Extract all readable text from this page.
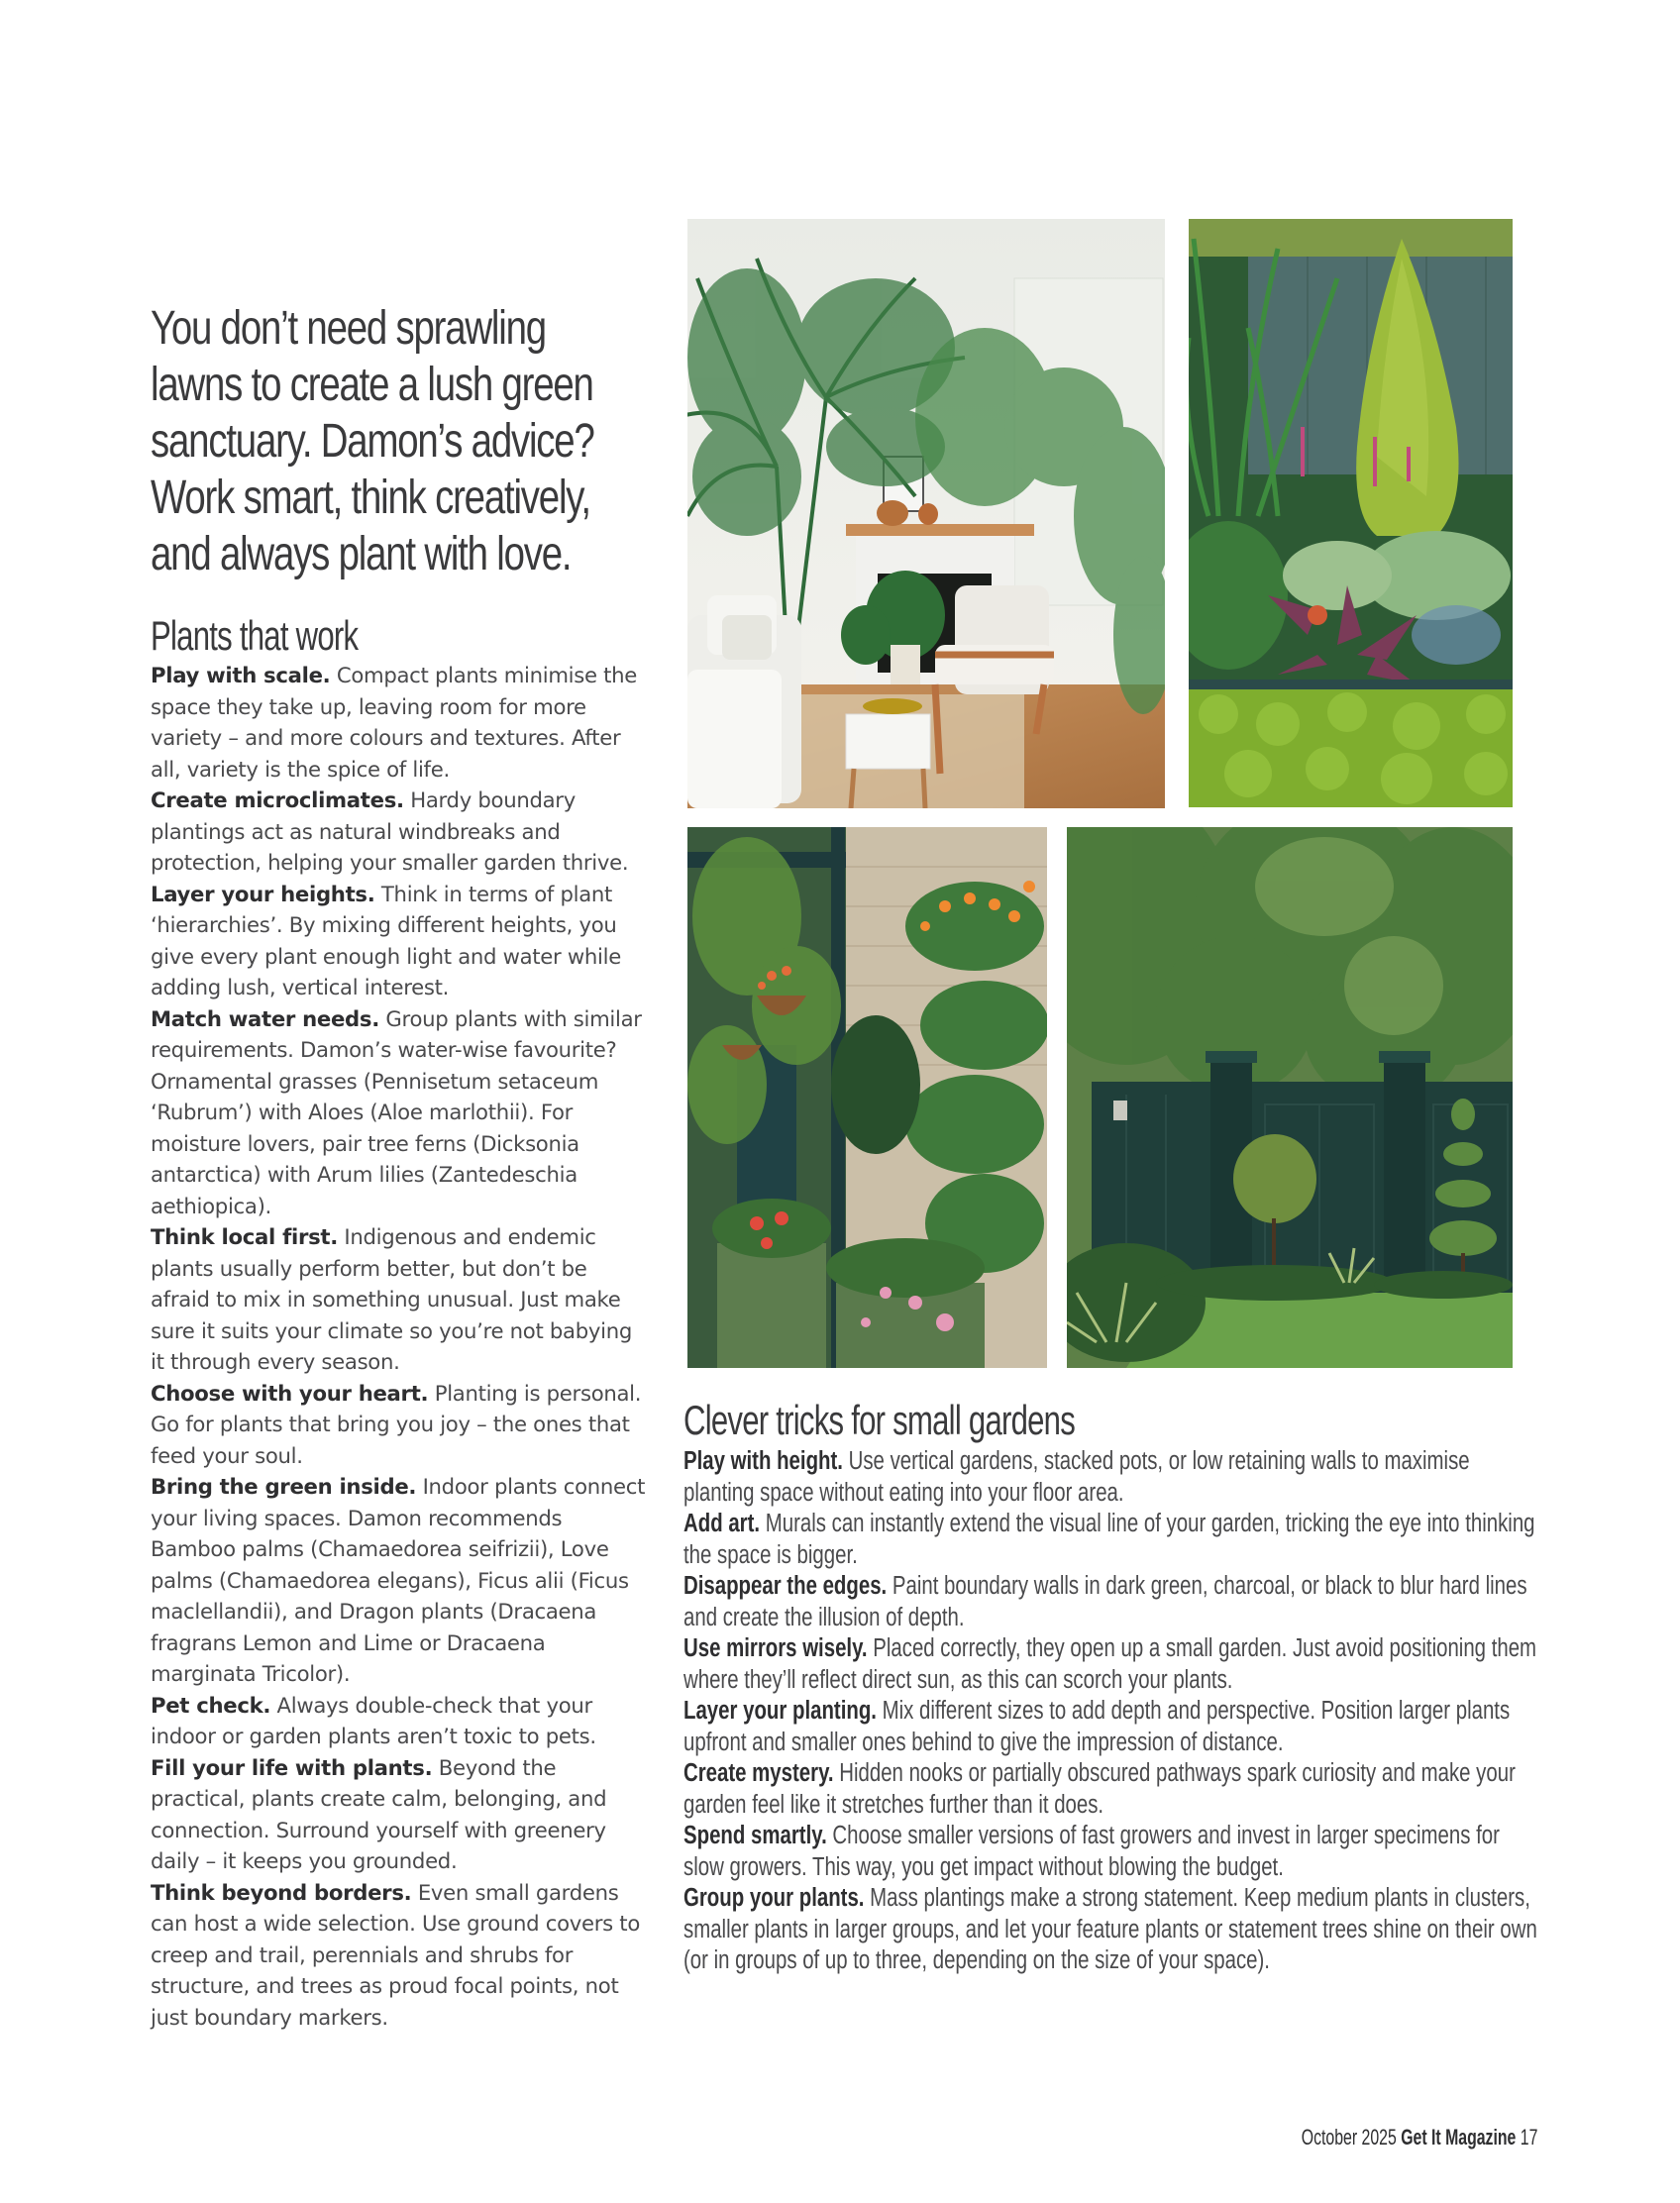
You don’t need sprawling
lawns to create a lush green
sanctuary. Damon’s advice?
Work smart, think creatively,
and always plant with love.
Plants that work
Play with scale. Compact plants minimise the space they take up, leaving room for more variety – and more colours and textures. After all, variety is the spice of life.
Create microclimates. Hardy boundary plantings act as natural windbreaks and protection, helping your smaller garden thrive.
Layer your heights. Think in terms of plant ‘hierarchies’. By mixing different heights, you give every plant enough light and water while adding lush, vertical interest.
Match water needs. Group plants with similar requirements. Damon’s water-wise favourite? Ornamental grasses (Pennisetum setaceum ‘Rubrum’) with Aloes (Aloe marlothii). For moisture lovers, pair tree ferns (Dicksonia antarctica) with Arum lilies (Zantedeschia aethiopica).
Think local first. Indigenous and endemic plants usually perform better, but don’t be afraid to mix in something unusual. Just make sure it suits your climate so you’re not babying it through every season.
Choose with your heart. Planting is personal. Go for plants that bring you joy – the ones that feed your soul.
Bring the green inside. Indoor plants connect your living spaces. Damon recommends Bamboo palms (Chamaedorea seifrizii), Love palms (Chamaedorea elegans), Ficus alii (Ficus maclellandii), and Dragon plants (Dracaena fragrans Lemon and Lime or Dracaena marginata Tricolor).
Pet check. Always double-check that your indoor or garden plants aren’t toxic to pets.
Fill your life with plants. Beyond the practical, plants create calm, belonging, and connection. Surround yourself with greenery daily – it keeps you grounded.
Think beyond borders. Even small gardens can host a wide selection. Use ground covers to creep and trail, perennials and shrubs for structure, and trees as proud focal points, not just boundary markers.
Clever tricks for small gardens
Play with height. Use vertical gardens, stacked pots, or low retaining walls to maximise planting space without eating into your floor area.
Add art. Murals can instantly extend the visual line of your garden, tricking the eye into thinking the space is bigger.
Disappear the edges. Paint boundary walls in dark green, charcoal, or black to blur hard lines and create the illusion of depth.
Use mirrors wisely. Placed correctly, they open up a small garden. Just avoid positioning them where they’ll reflect direct sun, as this can scorch your plants.
Layer your planting. Mix different sizes to add depth and perspective. Position larger plants upfront and smaller ones behind to give the impression of distance.
Create mystery. Hidden nooks or partially obscured pathways spark curiosity and make your garden feel like it stretches further than it does.
Spend smartly. Choose smaller versions of fast growers and invest in larger specimens for slow growers. This way, you get impact without blowing the budget.
Group your plants. Mass plantings make a strong statement. Keep medium plants in clusters, smaller plants in larger groups, and let your feature plants or statement trees shine on their own (or in groups of up to three, depending on the size of your space).
October 2025 Get It Magazine 17
